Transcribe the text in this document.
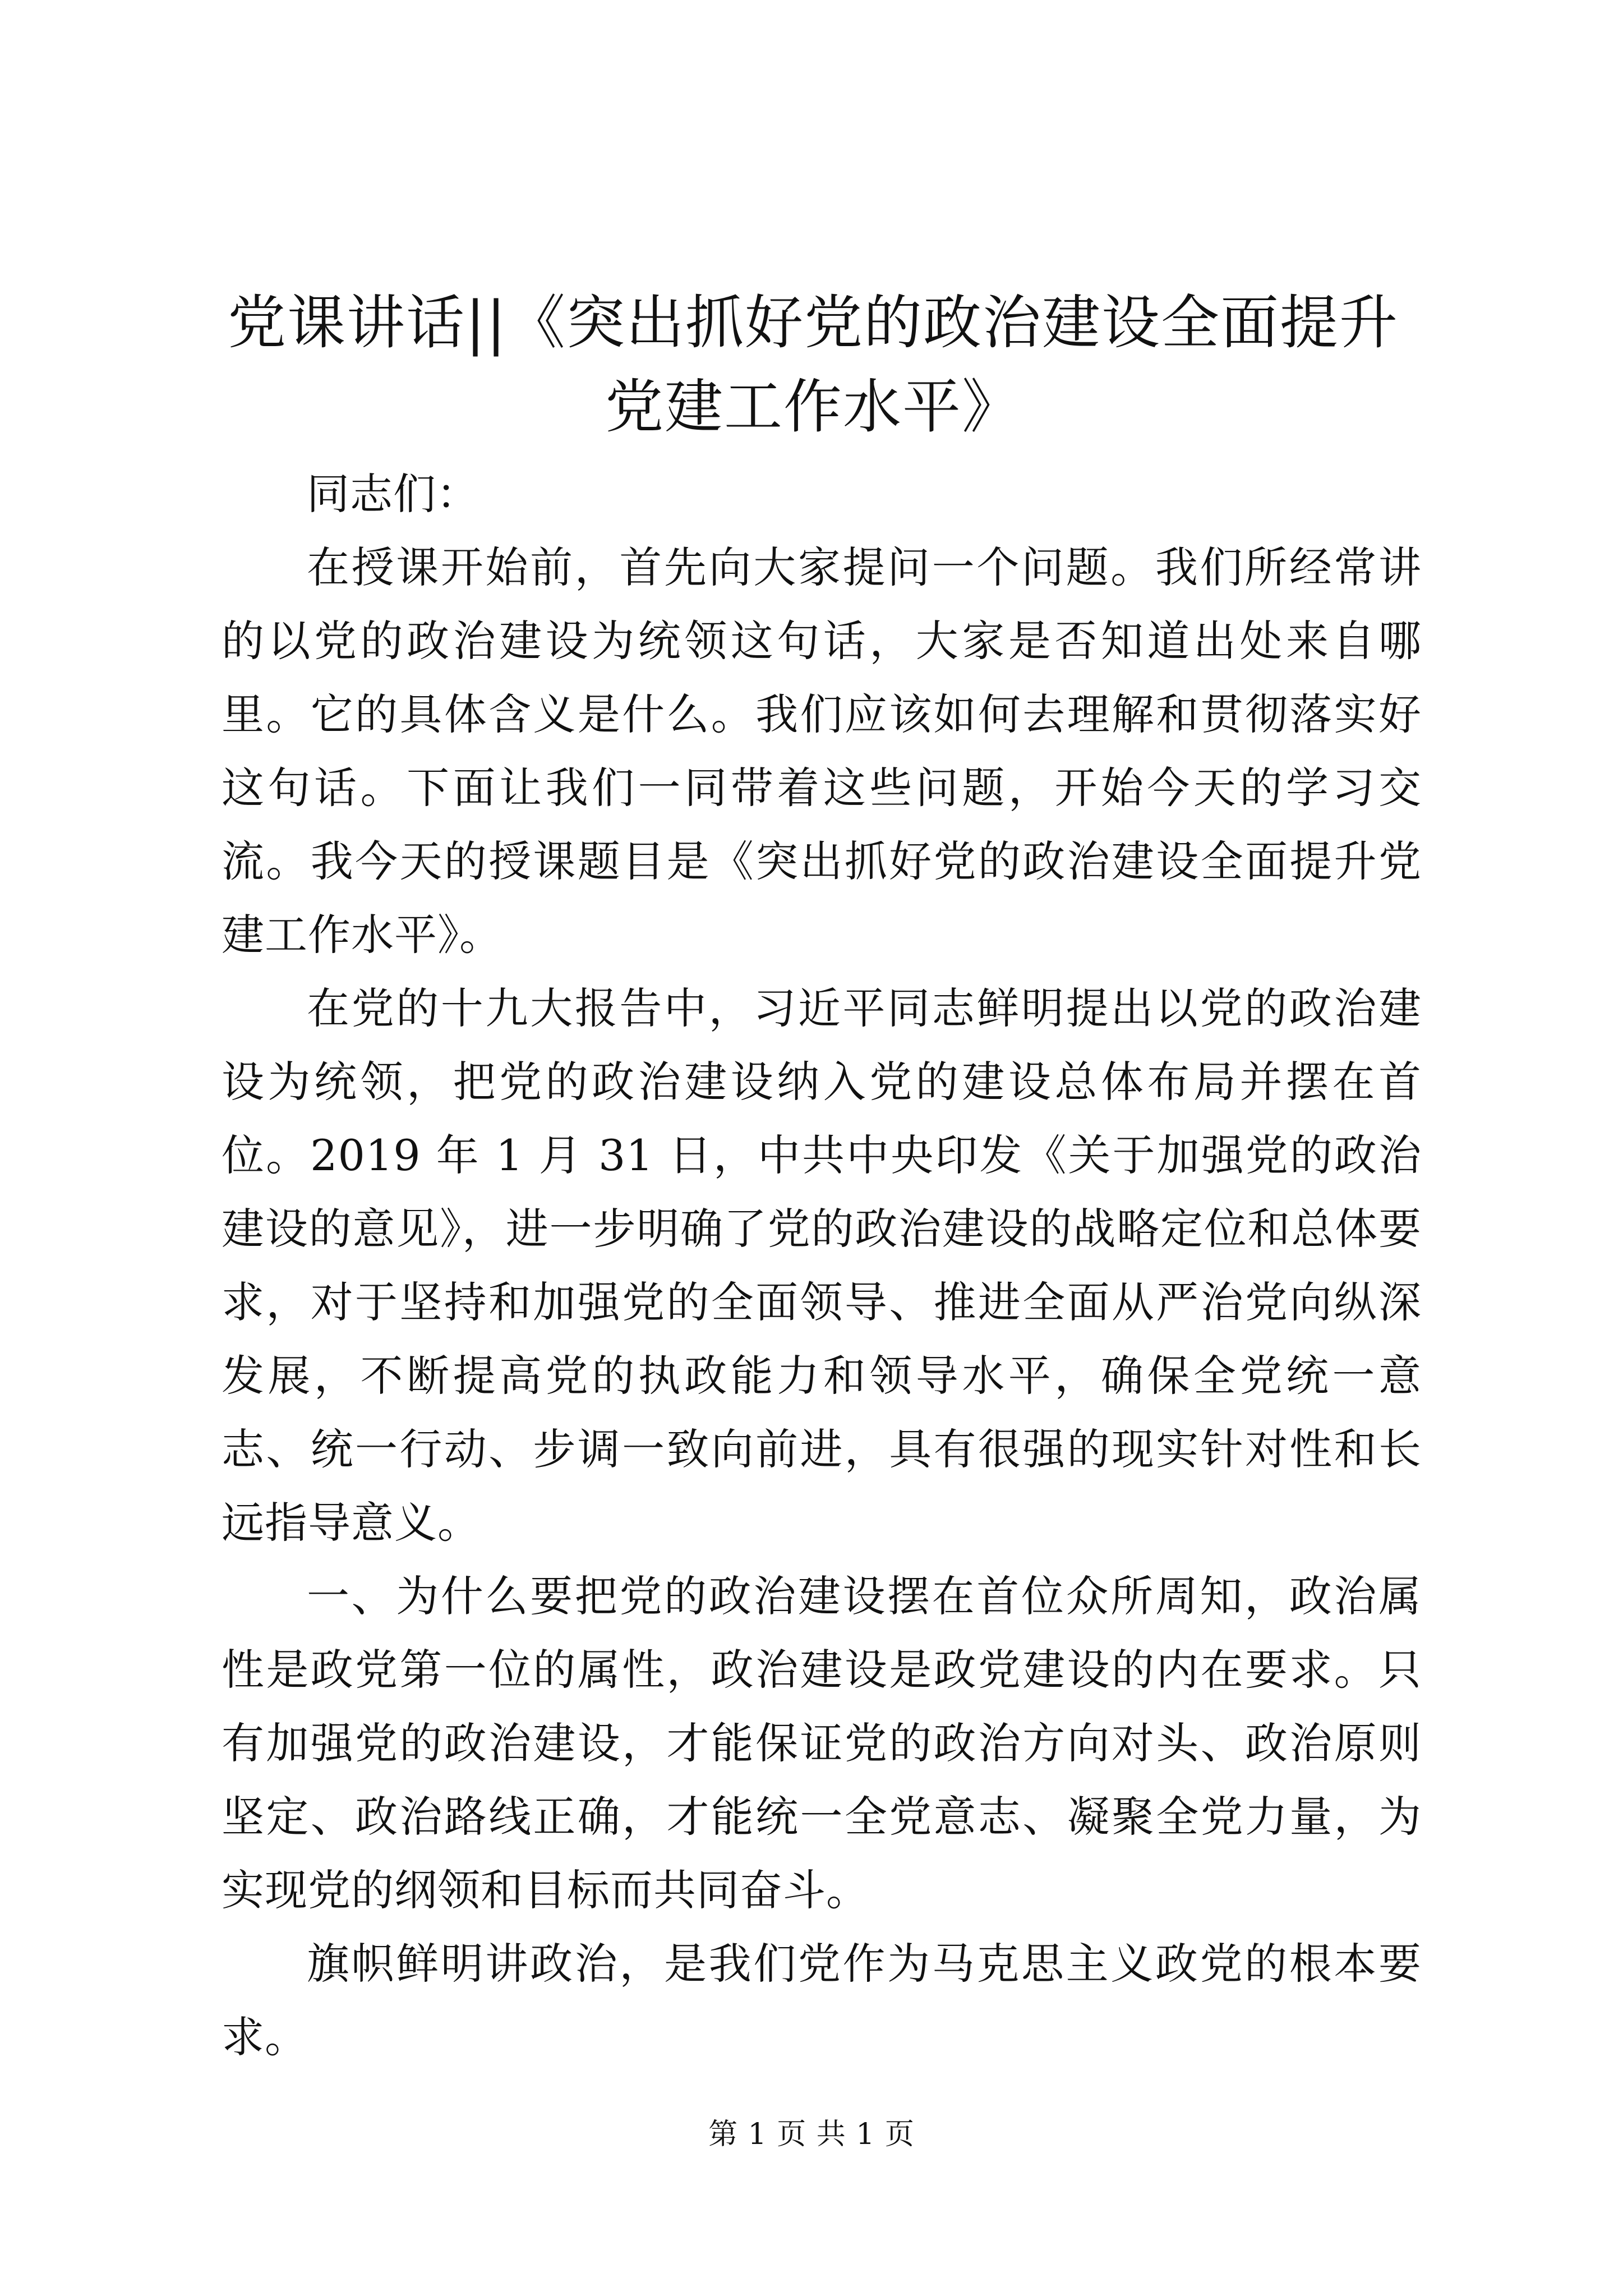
党课讲话||《突出抓好党的政治建设全面提升
党建工作水平》

同志们：

在授课开始前，首先向大家提问一个问题。我们所经常讲的以党的政治建设为统领这句话，大家是否知道出处来自哪里。它的具体含义是什么。我们应该如何去理解和贯彻落实好这句话。下面让我们一同带着这些问题，开始今天的学习交流。我今天的授课题目是《突出抓好党的政治建设全面提升党建工作水平》。

在党的十九大报告中，习近平同志鲜明提出以党的政治建设为统领，把党的政治建设纳入党的建设总体布局并摆在首位。2019 年 1 月 31 日，中共中央印发《关于加强党的政治建设的意见》，进一步明确了党的政治建设的战略定位和总体要求，对于坚持和加强党的全面领导、推进全面从严治党向纵深发展，不断提高党的执政能力和领导水平，确保全党统一意志、统一行动、步调一致向前进，具有很强的现实针对性和长远指导意义。

一、为什么要把党的政治建设摆在首位众所周知，政治属性是政党第一位的属性，政治建设是政党建设的内在要求。只有加强党的政治建设，才能保证党的政治方向对头、政治原则坚定、政治路线正确，才能统一全党意志、凝聚全党力量，为实现党的纲领和目标而共同奋斗。

旗帜鲜明讲政治，是我们党作为马克思主义政党的根本要求。

第 1 页 共 1 页
